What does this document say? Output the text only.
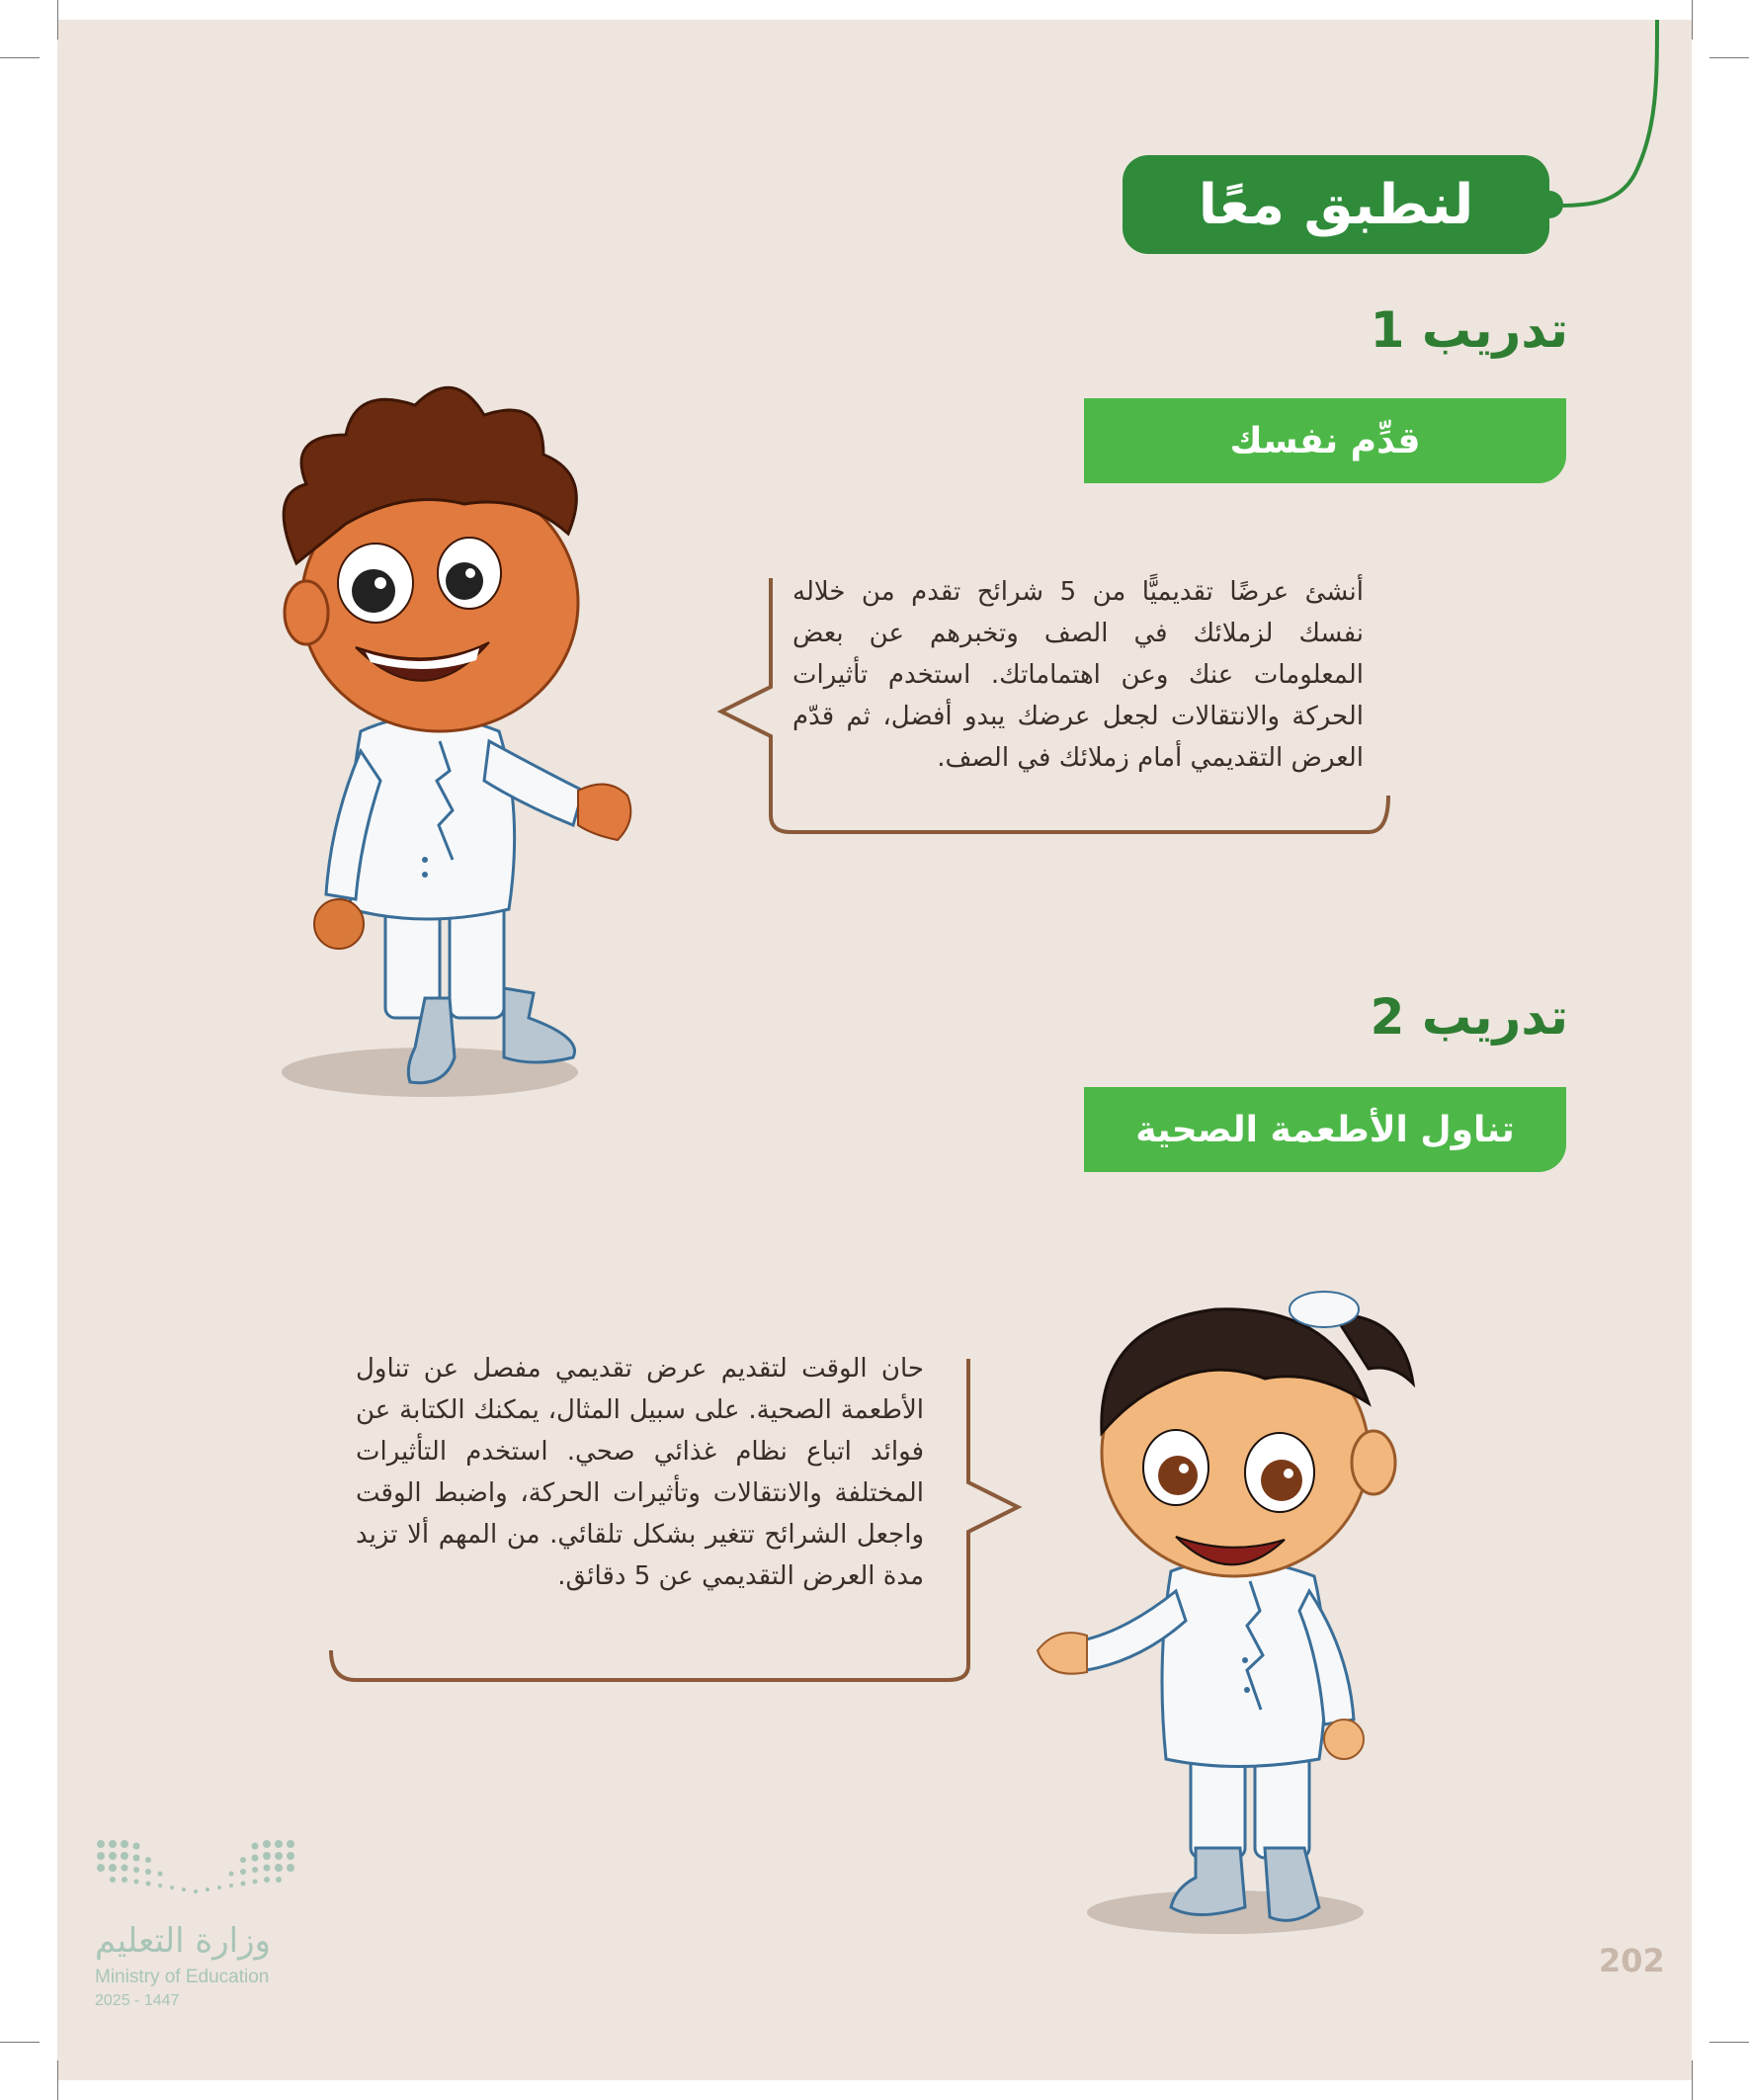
لنطبق معًا
تدريب 1
قدِّم نفسك
أنشئ عرضًا تقديميًّا من 5 شرائح تقدم من خلاله نفسك لزملائك في الصف وتخبرهم عن بعض المعلومات عنك وعن اهتماماتك. استخدم تأثيرات الحركة والانتقالات لجعل عرضك يبدو أفضل، ثم قدّم العرض التقديمي أمام زملائك في الصف.
تدريب 2
تناول الأطعمة الصحية
حان الوقت لتقديم عرض تقديمي مفصل عن تناول الأطعمة الصحية. على سبيل المثال، يمكنك الكتابة عن فوائد اتباع نظام غذائي صحي. استخدم التأثيرات المختلفة والانتقالات وتأثيرات الحركة، واضبط الوقت واجعل الشرائح تتغير بشكل تلقائي. من المهم ألا تزيد مدة العرض التقديمي عن 5 دقائق.
وزارة التعليم
Ministry of Education
2025 - 1447
202
